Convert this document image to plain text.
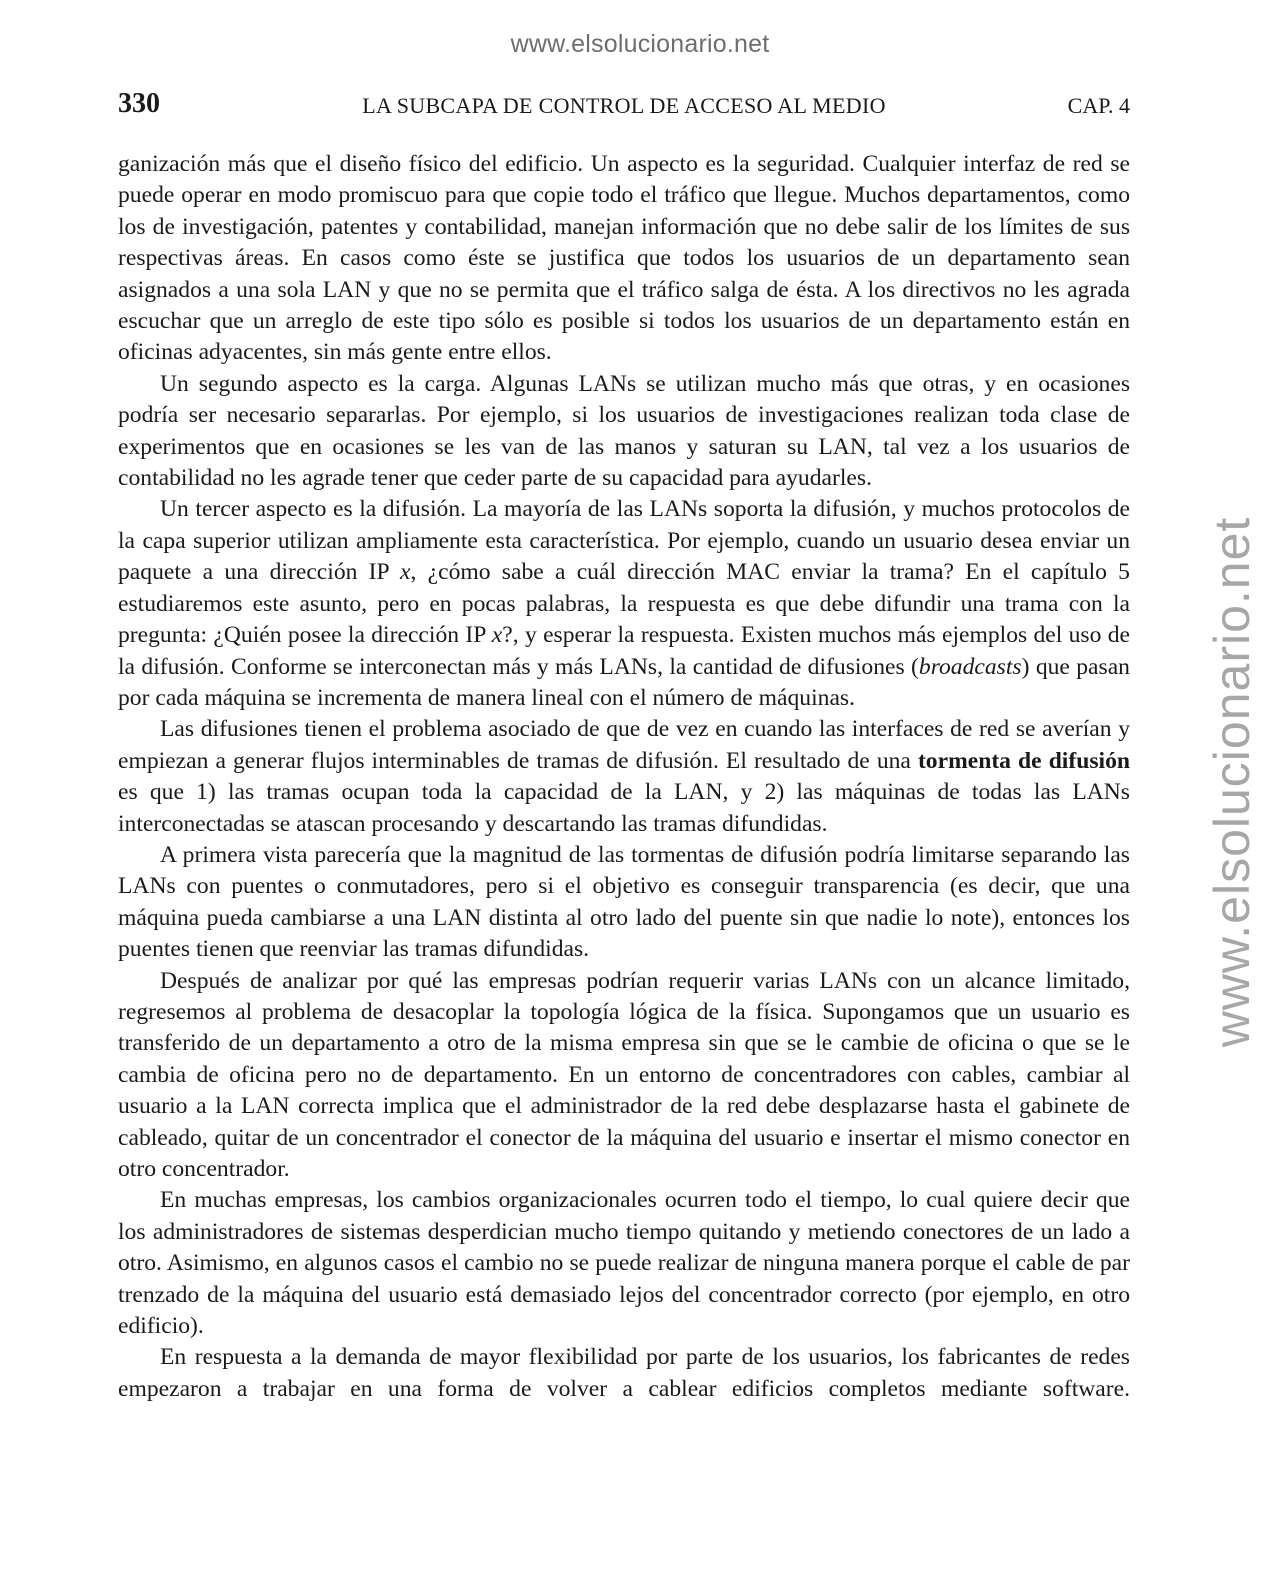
www.elsolucionario.net
www.elsolucionario.net
330	LA SUBCAPA DE CONTROL DE ACCESO AL MEDIO	CAP. 4

ganización más que el diseño físico del edificio. Un aspecto es la seguridad. Cualquier interfaz de red se puede operar en modo promiscuo para que copie todo el tráfico que llegue. Muchos departamentos, como los de investigación, patentes y contabilidad, manejan información que no debe salir de los límites de sus respectivas áreas. En casos como éste se justifica que todos los usuarios de un departamento sean asignados a una sola LAN y que no se permita que el tráfico salga de ésta. A los directivos no les agrada escuchar que un arreglo de este tipo sólo es posible si todos los usuarios de un departamento están en oficinas adyacentes, sin más gente entre ellos.

Un segundo aspecto es la carga. Algunas LANs se utilizan mucho más que otras, y en ocasiones podría ser necesario separarlas. Por ejemplo, si los usuarios de investigaciones realizan toda clase de experimentos que en ocasiones se les van de las manos y saturan su LAN, tal vez a los usuarios de contabilidad no les agrade tener que ceder parte de su capacidad para ayudarles.

Un tercer aspecto es la difusión. La mayoría de las LANs soporta la difusión, y muchos protocolos de la capa superior utilizan ampliamente esta característica. Por ejemplo, cuando un usuario desea enviar un paquete a una dirección IP x, ¿cómo sabe a cuál dirección MAC enviar la trama? En el capítulo 5 estudiaremos este asunto, pero en pocas palabras, la respuesta es que debe difundir una trama con la pregunta: ¿Quién posee la dirección IP x?, y esperar la respuesta. Existen muchos más ejemplos del uso de la difusión. Conforme se interconectan más y más LANs, la cantidad de difusiones (broadcasts) que pasan por cada máquina se incrementa de manera lineal con el número de máquinas.

Las difusiones tienen el problema asociado de que de vez en cuando las interfaces de red se averían y empiezan a generar flujos interminables de tramas de difusión. El resultado de una tormenta de difusión es que 1) las tramas ocupan toda la capacidad de la LAN, y 2) las máquinas de todas las LANs interconectadas se atascan procesando y descartando las tramas difundidas.

A primera vista parecería que la magnitud de las tormentas de difusión podría limitarse separando las LANs con puentes o conmutadores, pero si el objetivo es conseguir transparencia (es decir, que una máquina pueda cambiarse a una LAN distinta al otro lado del puente sin que nadie lo note), entonces los puentes tienen que reenviar las tramas difundidas.

Después de analizar por qué las empresas podrían requerir varias LANs con un alcance limitado, regresemos al problema de desacoplar la topología lógica de la física. Supongamos que un usuario es transferido de un departamento a otro de la misma empresa sin que se le cambie de oficina o que se le cambia de oficina pero no de departamento. En un entorno de concentradores con cables, cambiar al usuario a la LAN correcta implica que el administrador de la red debe desplazarse hasta el gabinete de cableado, quitar de un concentrador el conector de la máquina del usuario e insertar el mismo conector en otro concentrador.

En muchas empresas, los cambios organizacionales ocurren todo el tiempo, lo cual quiere decir que los administradores de sistemas desperdician mucho tiempo quitando y metiendo conectores de un lado a otro. Asimismo, en algunos casos el cambio no se puede realizar de ninguna manera porque el cable de par trenzado de la máquina del usuario está demasiado lejos del concentrador correcto (por ejemplo, en otro edificio).

En respuesta a la demanda de mayor flexibilidad por parte de los usuarios, los fabricantes de redes empezaron a trabajar en una forma de volver a cablear edificios completos mediante software.
